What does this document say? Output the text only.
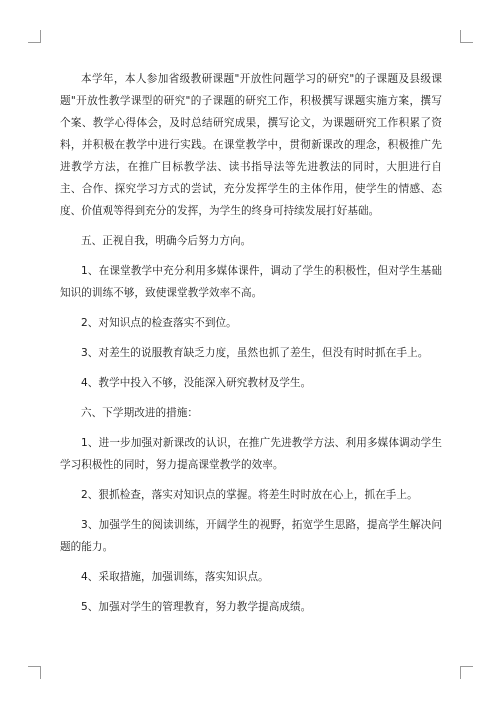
本学年，本人参加省级教研课题"开放性问题学习的研究"的子课题及县级课题"开放性教学课型的研究"的子课题的研究工作，积极撰写课题实施方案，撰写个案、教学心得体会，及时总结研究成果，撰写论文，为课题研究工作积累了资料，并积极在教学中进行实践。在课堂教学中，贯彻新课改的理念，积极推广先进教学方法，在推广目标教学法、读书指导法等先进教法的同时，大胆进行自主、合作、探究学习方式的尝试，充分发挥学生的主体作用，使学生的情感、态度、价值观等得到充分的发挥，为学生的终身可持续发展打好基础。

五、正视自我，明确今后努力方向。

1、在课堂教学中充分利用多媒体课件，调动了学生的积极性，但对学生基础知识的训练不够，致使课堂教学效率不高。

2、对知识点的检查落实不到位。

3、对差生的说服教育缺乏力度，虽然也抓了差生，但没有时时抓在手上。

4、教学中投入不够，没能深入研究教材及学生。

六、下学期改进的措施：

1、进一步加强对新课改的认识，在推广先进教学方法、利用多媒体调动学生学习积极性的同时，努力提高课堂教学的效率。

2、狠抓检查，落实对知识点的掌握。将差生时时放在心上，抓在手上。

3、加强学生的阅读训练，开阔学生的视野，拓宽学生思路，提高学生解决问题的能力。

4、采取措施，加强训练，落实知识点。

5、加强对学生的管理教育，努力教学提高成绩。
